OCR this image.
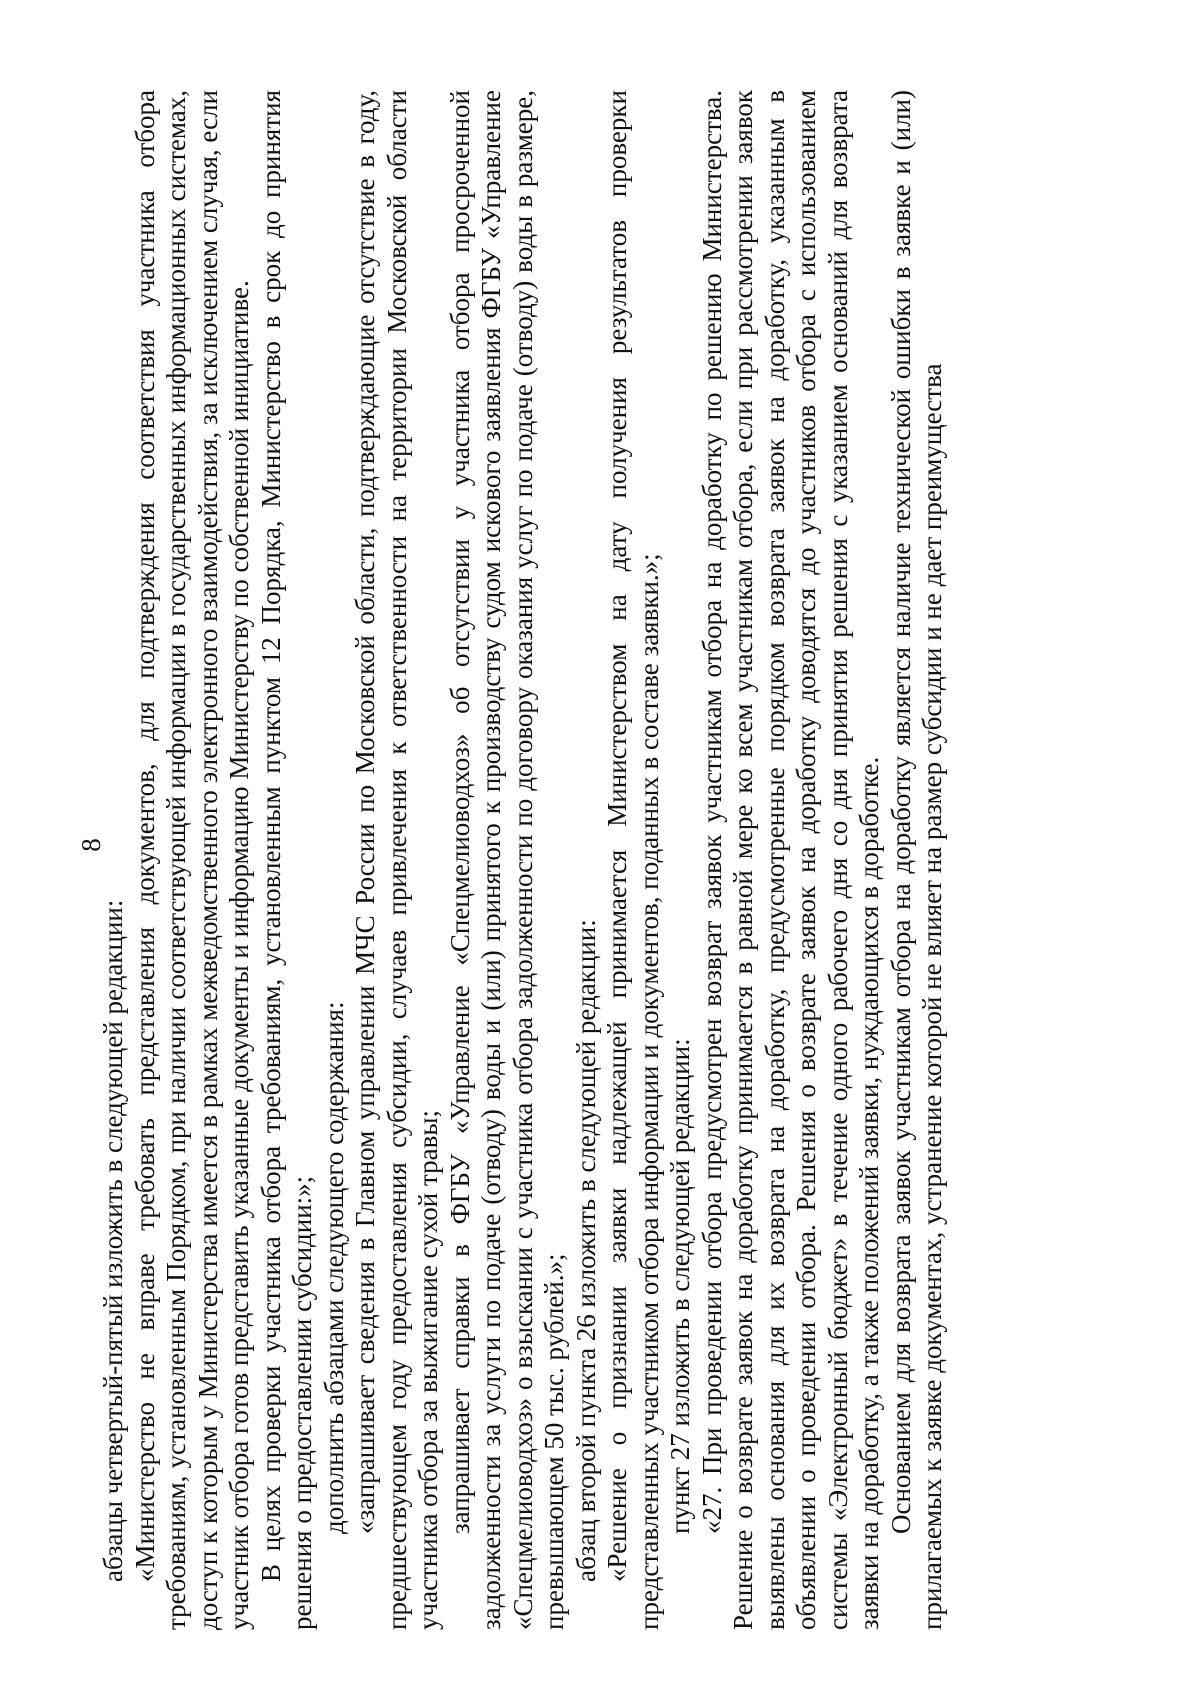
8

абзацы четвертый-пятый изложить в следующей редакции: «Министерство не вправе требовать представления документов, для подтверждения соответствия участника отбора требованиям, установленным Порядком, при наличии соответствующей информации в государственных информационных системах, доступ к которым у Министерства имеется в рамках межведомственного электронного взаимодействия, за исключением случая, если участник отбора готов представить указанные документы и информацию Министерству по собственной инициативе. В целях проверки участника отбора требованиям, установленным пунктом 12 Порядка, Министерство в срок до принятия решения о предоставлении субсидии:»; дополнить абзацами следующего содержания: «запрашивает сведения в Главном управлении МЧС России по Московской области, подтверждающие отсутствие в году, предшествующем году предоставления субсидии, случаев привлечения к ответственности на территории Московской области участника отбора за выжигание сухой травы; запрашивает справки в ФГБУ «Управление «Спецмелиоводхоз» об отсутствии у участника отбора просроченной задолженности за услуги по подаче (отводу) воды и (или) принятого к производству судом искового заявления ФГБУ «Управление «Спецмелиоводхоз» о взыскании с участника отбора задолженности по договору оказания услуг по подаче (отводу) воды в размере, превышающем 50 тыс. рублей.»; абзац второй пункта 26 изложить в следующей редакции: «Решение о признании заявки надлежащей принимается Министерством на дату получения результатов проверки представленных участником отбора информации и документов, поданных в составе заявки.»; пункт 27 изложить в следующей редакции: «27. При проведении отбора предусмотрен возврат заявок участникам отбора на доработку по решению Министерства. Решение о возврате заявок на доработку принимается в равной мере ко всем участникам отбора, если при рассмотрении заявок выявлены основания для их возврата на доработку, предусмотренные порядком возврата заявок на доработку, указанным в объявлении о проведении отбора. Решения о возврате заявок на доработку доводятся до участников отбора с использованием системы «Электронный бюджет» в течение одного рабочего дня со дня принятия решения с указанием оснований для возврата заявки на доработку, а также положений заявки, нуждающихся в доработке. Основанием для возврата заявок участникам отбора на доработку является наличие технической ошибки в заявке и (или) прилагаемых к заявке документах, устранение которой не влияет на размер субсидии и не дает преимущества
